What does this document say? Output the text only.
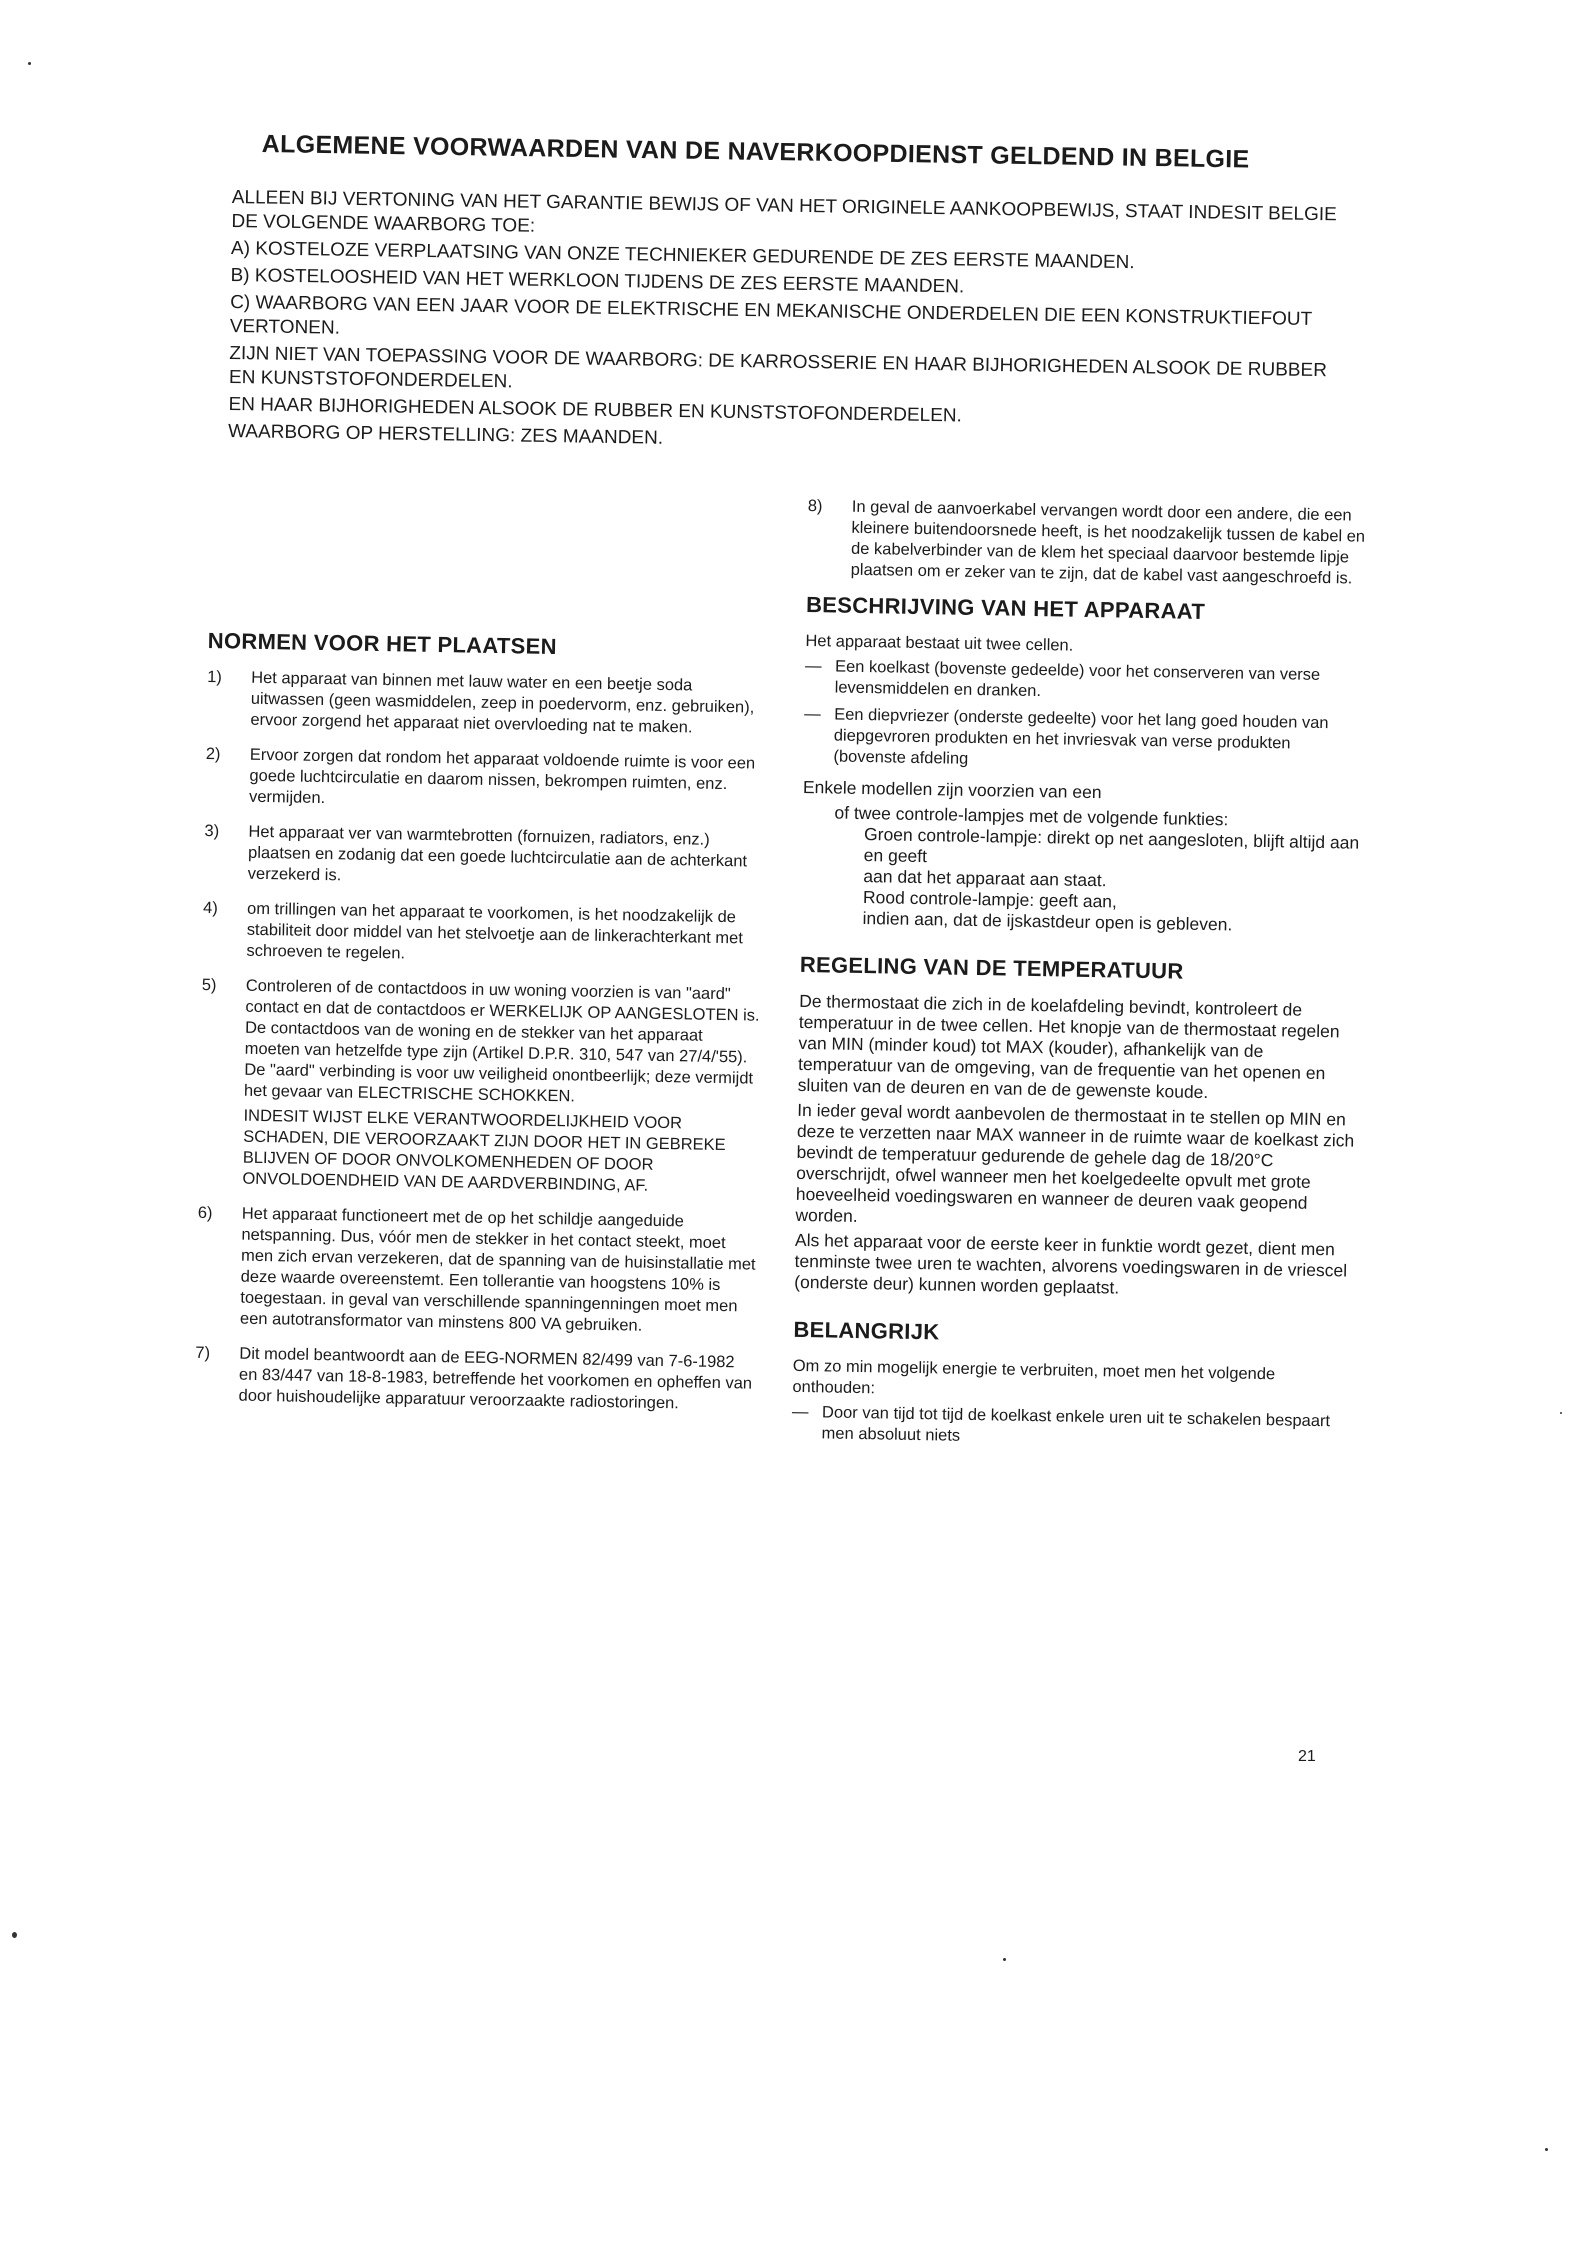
ALGEMENE VOORWAARDEN VAN DE NAVERKOOPDIENST GELDEND IN BELGIE

ALLEEN BIJ VERTONING VAN HET GARANTIE BEWIJS OF VAN HET ORIGINELE AANKOOPBEWIJS, STAAT INDESIT BELGIE DE VOLGENDE WAARBORG TOE:

A) KOSTELOZE VERPLAATSING VAN ONZE TECHNIEKER GEDURENDE DE ZES EERSTE MAANDEN.

B) KOSTELOOSHEID VAN HET WERKLOON TIJDENS DE ZES EERSTE MAANDEN.

C) WAARBORG VAN EEN JAAR VOOR DE ELEKTRISCHE EN MEKANISCHE ONDERDELEN DIE EEN KONSTRUKTIEFOUT VERTONEN.

ZIJN NIET VAN TOEPASSING VOOR DE WAARBORG: DE KARROSSERIE EN HAAR BIJHORIGHEDEN ALSOOK DE RUBBER EN KUNSTSTOFONDERDELEN.

EN HAAR BIJHORIGHEDEN ALSOOK DE RUBBER EN KUNSTSTOFONDERDELEN.

WAARBORG OP HERSTELLING: ZES MAANDEN.

NORMEN VOOR HET PLAATSEN
1) Het apparaat van binnen met lauw water en een beetje soda uitwassen (geen wasmiddelen, zeep in poedervorm, enz. gebruiken), ervoor zorgend het apparaat niet overvloeding nat te maken.

2) Ervoor zorgen dat rondom het apparaat voldoende ruimte is voor een goede luchtcirculatie en daarom nissen, bekrompen ruimten, enz. vermijden.

3) Het apparaat ver van warmtebrotten (fornuizen, radiators, enz.) plaatsen en zodanig dat een goede luchtcirculatie aan de achterkant verzekerd is.

4) om trillingen van het apparaat te voorkomen, is het noodzakelijk de stabiliteit door middel van het stelvoetje aan de linkerachterkant met schroeven te regelen.

5) Controleren of de contactdoos in uw woning voorzien is van "aard" contact en dat de contactdoos er WERKELIJK OP AANGESLOTEN is. De contactdoos van de woning en de stekker van het apparaat moeten van hetzelfde type zijn (Artikel D.P.R. 310, 547 van 27/4/'55). De "aard" verbinding is voor uw veiligheid onontbeerlijk; deze vermijdt het gevaar van ELECTRISCHE SCHOKKEN.

INDESIT WIJST ELKE VERANTWOORDELIJKHEID VOOR SCHADEN, DIE VEROORZAAKT ZIJN DOOR HET IN GEBREKE BLIJVEN OF DOOR ONVOLKOMENHEDEN OF DOOR ONVOLDOENDHEID VAN DE AARDVERBINDING, AF.

6) Het apparaat functioneert met de op het schildje aangeduide netspanning. Dus, vóór men de stekker in het contact steekt, moet men zich ervan verzekeren, dat de spanning van de huisinstallatie met deze waarde overeenstemt. Een tollerantie van hoogstens 10% is toegestaan. in geval van verschillende spanningenningen moet men een autotransformator van minstens 800 VA gebruiken.

7) Dit model beantwoordt aan de EEG-NORMEN 82/499 van 7-6-1982 en 83/447 van 18-8-1983, betreffende het voorkomen en opheffen van door huishoudelijke apparatuur veroorzaakte radiostoringen.

8) In geval de aanvoerkabel vervangen wordt door een andere, die een kleinere buitendoorsnede heeft, is het noodzakelijk tussen de kabel en de kabelverbinder van de klem het speciaal daarvoor bestemde lipje plaatsen om er zeker van te zijn, dat de kabel vast aangeschroefd is.

BESCHRIJVING VAN HET APPARAAT
Het apparaat bestaat uit twee cellen.
— Een koelkast (bovenste gedeelde) voor het conserveren van verse levensmiddelen en dranken.
— Een diepvriezer (onderste gedeelte) voor het lang goed houden van diepgevroren produkten en het invriesvak van verse produkten (bovenste afdeling

Enkele modellen zijn voorzien van een

of twee controle-lampjes met de volgende funkties:

Groen controle-lampje: direkt op net aangesloten, blijft altijd aan en geeft

aan dat het apparaat aan staat.

Rood controle-lampje: geeft aan,

indien aan, dat de ijskastdeur open is gebleven.

REGELING VAN DE TEMPERATUUR

De thermostaat die zich in de koelafdeling bevindt, kontroleert de temperatuur in de twee cellen. Het knopje van de thermostaat regelen van MIN (minder koud) tot MAX (kouder), afhankelijk van de temperatuur van de omgeving, van de frequentie van het openen en sluiten van de deuren en van de de gewenste koude.

In ieder geval wordt aanbevolen de thermostaat in te stellen op MIN en deze te verzetten naar MAX wanneer in de ruimte waar de koelkast zich bevindt de temperatuur gedurende de gehele dag de 18/20°C overschrijdt, ofwel wanneer men het koelgedeelte opvult met grote hoeveelheid voedingswaren en wanneer de deuren vaak geopend worden.

Als het apparaat voor de eerste keer in funktie wordt gezet, dient men tenminste twee uren te wachten, alvorens voedingswaren in de vriescel (onderste deur) kunnen worden geplaatst.

BELANGRIJK
Om zo min mogelijk energie te verbruiten, moet men het volgende onthouden:
— Door van tijd tot tijd de koelkast enkele uren uit te schakelen bespaart men absoluut niets
21
